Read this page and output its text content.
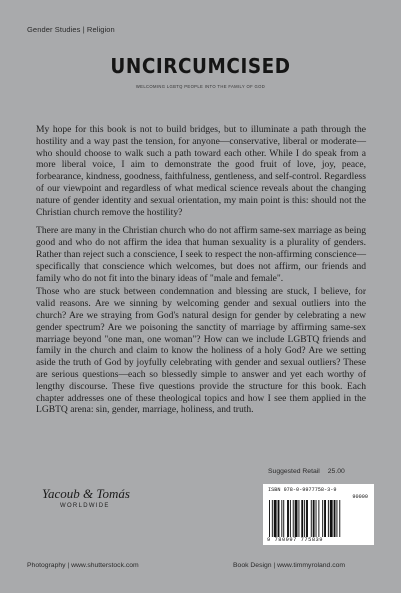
Gender Studies | Religion
UNCIRCUMCISED
WELCOMING LGBTQ PEOPLE INTO THE FAMILY OF GOD

My hope for this book is not to build bridges, but to illuminate a path through the hostility and a way past the tension, for anyone—conservative, liberal or moderate—who should choose to walk such a path toward each other. While I do speak from a more liberal voice, I aim to demonstrate the good fruit of love, joy, peace, forbearance, kindness, goodness, faithfulness, gentleness, and self-control. Regardless of our viewpoint and regardless of what medical science reveals about the changing nature of gender identity and sexual orientation, my main point is this: should not the Christian church remove the hostility?

There are many in the Christian church who do not affirm same-sex marriage as being good and who do not affirm the idea that human sexuality is a plurality of genders. Rather than reject such a conscience, I seek to respect the non-affirming conscience—specifically that conscience which welcomes, but does not affirm, our friends and family who do not fit into the binary ideas of "male and female".

Those who are stuck between condemnation and blessing are stuck, I believe, for valid reasons. Are we sinning by welcoming gender and sexual outliers into the church? Are we straying from God's natural design for gender by celebrating a new gender spectrum? Are we poisoning the sanctity of marriage by affirming same-sex marriage beyond "one man, one woman"? How can we include LGBTQ friends and family in the church and claim to know the holiness of a holy God? Are we setting aside the truth of God by joyfully celebrating with gender and sexual outliers? These are serious questions—each so blessedly simple to answer and yet each worthy of lengthy discourse. These five questions provide the structure for this book. Each chapter addresses one of these theological topics and how I see them applied in the LGBTQ arena: sin, gender, marriage, holiness, and truth.

Suggested Retail 25.00
ISBN 978-0-9977758-3-9
90000
9 780997 775839
Yacoub & Tomás
WORLDWIDE
Photography | www.shutterstock.com	Book Design | www.timmyroland.com
